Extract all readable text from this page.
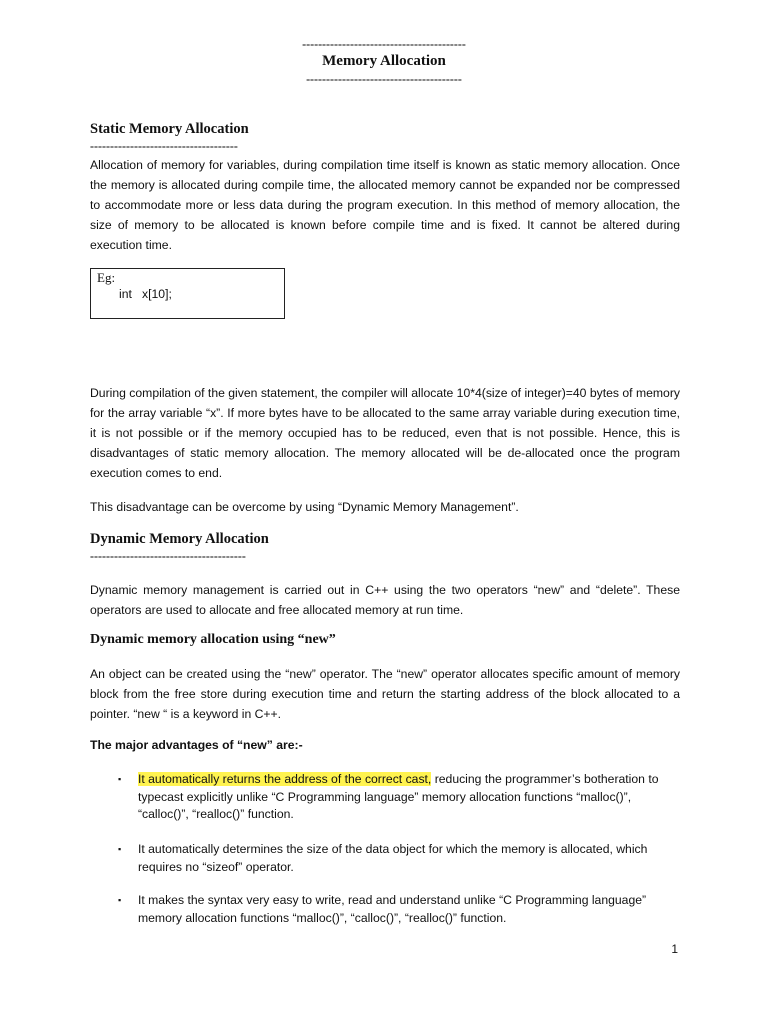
-----------------------------------------
Memory Allocation
---------------------------------------
Static Memory Allocation
-------------------------------------
Allocation of memory for variables, during compilation time itself is known as static memory allocation. Once the memory is allocated during compile time, the allocated memory cannot be expanded nor be compressed to accommodate more or less data during the program execution. In this method of memory allocation, the size of memory to be allocated is known before compile time and is fixed. It cannot be altered during execution time.
Eg:
int   x[10];
During compilation of the given statement, the compiler will allocate 10*4(size of integer)=40 bytes of memory for the array variable “x”. If more bytes have to be allocated to the same array variable during execution time, it is not possible or if the memory occupied has to be reduced, even that is not possible. Hence, this is disadvantages of static memory allocation. The memory allocated will be de-allocated once the program execution comes to end.
This disadvantage can be overcome by using “Dynamic Memory Management”.
Dynamic Memory Allocation
---------------------------------------
Dynamic memory management is carried out in C++ using the two operators “new” and “delete”. These operators are used to allocate and free allocated memory at run time.
Dynamic memory allocation using “new”
An object can be created using the “new” operator. The “new” operator allocates specific amount of memory block from the free store during execution time and return the starting address of the block allocated to a pointer. “new “ is a keyword in C++.
The major advantages of “new” are:-
▪ It automatically returns the address of the correct cast, reducing the programmer’s botheration to typecast explicitly unlike “C Programming language” memory allocation functions “malloc()”, “calloc()”, “realloc()” function.
▪ It automatically determines the size of the data object for which the memory is allocated, which requires no “sizeof” operator.
▪ It makes the syntax very easy to write, read and understand unlike “C Programming language” memory allocation functions “malloc()”, “calloc()”, “realloc()” function.
1
